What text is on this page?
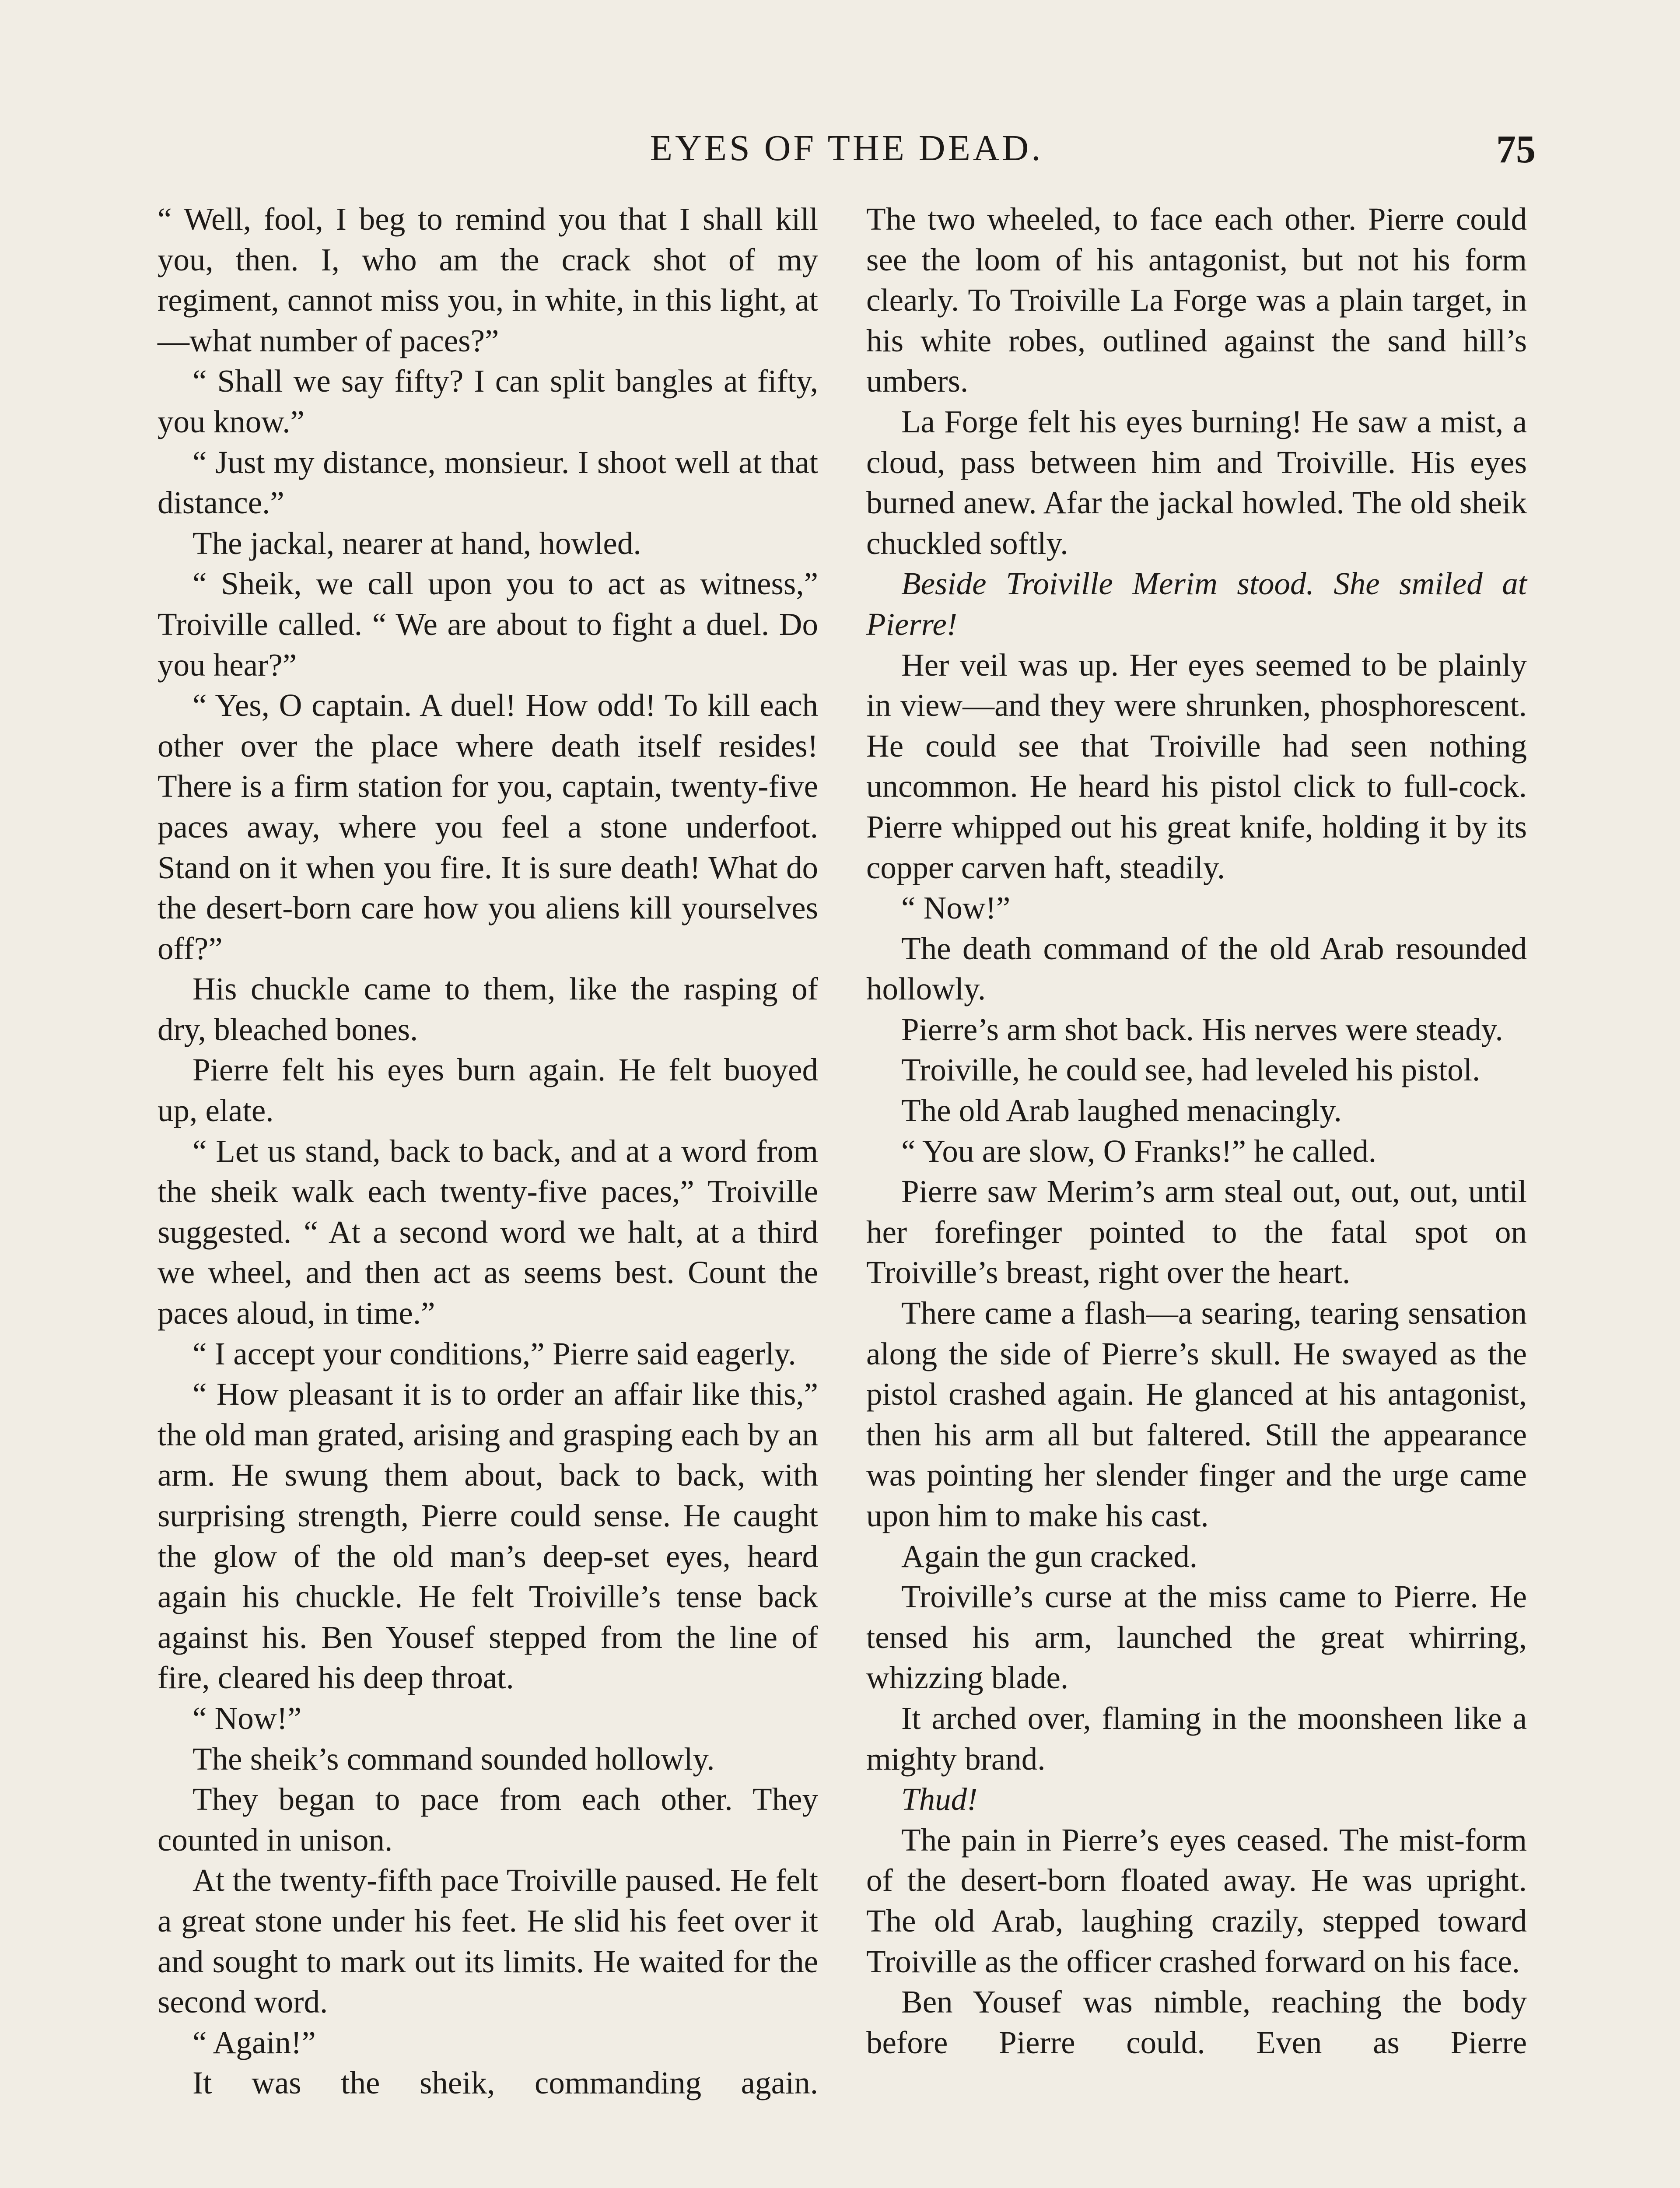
EYES OF THE DEAD.	75

“ Well, fool, I beg to remind you that I shall kill you, then. I, who am the crack shot of my regiment, cannot miss you, in white, in this light, at—what number of paces?”

“ Shall we say fifty? I can split bangles at fifty, you know.”

“ Just my distance, monsieur. I shoot well at that distance.”

The jackal, nearer at hand, howled.

“ Sheik, we call upon you to act as witness,” Troiville called. “ We are about to fight a duel. Do you hear?”

“ Yes, O captain. A duel! How odd! To kill each other over the place where death itself resides! There is a firm station for you, captain, twenty-five paces away, where you feel a stone underfoot. Stand on it when you fire. It is sure death! What do the desert-born care how you aliens kill yourselves off?”

His chuckle came to them, like the rasping of dry, bleached bones.

Pierre felt his eyes burn again. He felt buoyed up, elate.

“ Let us stand, back to back, and at a word from the sheik walk each twenty-five paces,” Troiville suggested. “ At a second word we halt, at a third we wheel, and then act as seems best. Count the paces aloud, in time.”

“ I accept your conditions,” Pierre said eagerly.

“ How pleasant it is to order an affair like this,” the old man grated, arising and grasping each by an arm. He swung them about, back to back, with surprising strength, Pierre could sense. He caught the glow of the old man’s deep-set eyes, heard again his chuckle. He felt Troiville’s tense back against his. Ben Yousef stepped from the line of fire, cleared his deep throat.

“ Now!”

The sheik’s command sounded hollowly.

They began to pace from each other. They counted in unison.

At the twenty-fifth pace Troiville paused. He felt a great stone under his feet. He slid his feet over it and sought to mark out its limits. He waited for the second word.

“ Again!”

It was the sheik, commanding again.

The two wheeled, to face each other. Pierre could see the loom of his antagonist, but not his form clearly. To Troiville La Forge was a plain target, in his white robes, outlined against the sand hill’s umbers.

La Forge felt his eyes burning! He saw a mist, a cloud, pass between him and Troiville. His eyes burned anew. Afar the jackal howled. The old sheik chuckled softly.

Beside Troiville Merim stood. She smiled at Pierre!

Her veil was up. Her eyes seemed to be plainly in view—and they were shrunken, phosphorescent. He could see that Troiville had seen nothing uncommon. He heard his pistol click to full-cock. Pierre whipped out his great knife, holding it by its copper carven haft, steadily.

“ Now!”

The death command of the old Arab resounded hollowly.

Pierre’s arm shot back. His nerves were steady.

Troiville, he could see, had leveled his pistol.

The old Arab laughed menacingly.

“ You are slow, O Franks!” he called.

Pierre saw Merim’s arm steal out, out, out, until her forefinger pointed to the fatal spot on Troiville’s breast, right over the heart.

There came a flash—a searing, tearing sensation along the side of Pierre’s skull. He swayed as the pistol crashed again. He glanced at his antagonist, then his arm all but faltered. Still the appearance was pointing her slender finger and the urge came upon him to make his cast.

Again the gun cracked.

Troiville’s curse at the miss came to Pierre. He tensed his arm, launched the great whirring, whizzing blade.

It arched over, flaming in the moonsheen like a mighty brand.

Thud!

The pain in Pierre’s eyes ceased. The mist-form of the desert-born floated away. He was upright. The old Arab, laughing crazily, stepped toward Troiville as the officer crashed forward on his face.

Ben Yousef was nimble, reaching the body before Pierre could. Even as Pierre
